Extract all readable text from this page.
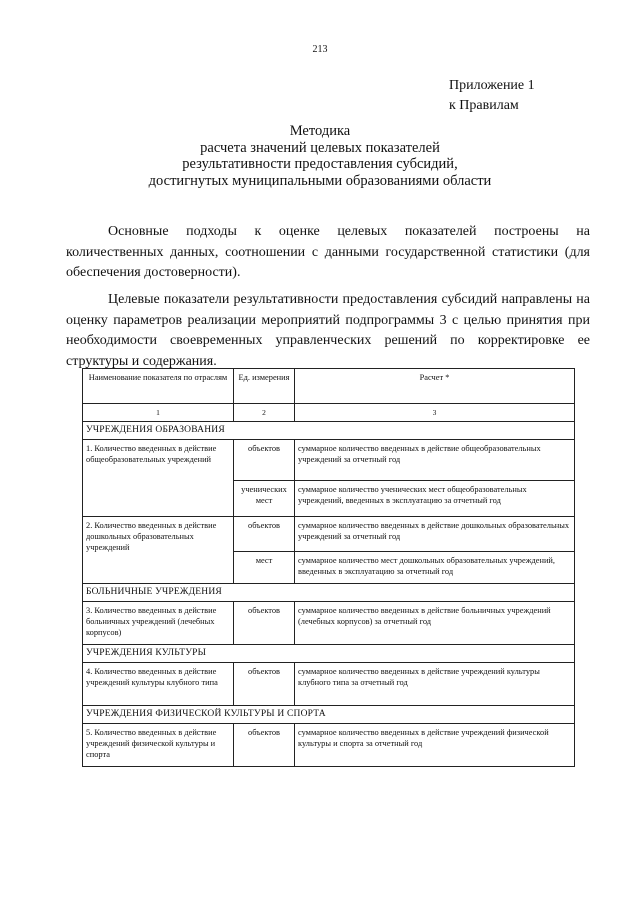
213
Приложение 1
к Правилам
Методика
расчета значений целевых показателей
результативности предоставления субсидий,
достигнутых муниципальными образованиями области

Основные подходы к оценке целевых показателей построены на количественных данных, соотношении с данными государственной статистики (для обеспечения достоверности).

Целевые показатели результативности предоставления субсидий направлены на оценку параметров реализации мероприятий подпрограммы 3 с целью принятия при необходимости своевременных управленческих решений по корректировке ее структуры и содержания.

Наименование показателя по отраслям	Ед. измерения	Расчет *
1	2	3
УЧРЕЖДЕНИЯ ОБРАЗОВАНИЯ		
1. Количество введенных в действие общеобразовательных учреждений	объектов	суммарное количество введенных в действие общеобразовательных учреждений за отчетный год
	ученических мест	суммарное количество ученических мест общеобразовательных учреждений, введенных в эксплуатацию за отчетный год
2. Количество введенных в действие дошкольных образовательных учреждений	объектов	суммарное количество введенных в действие дошкольных образовательных учреждений за отчетный год
	мест	суммарное количество мест дошкольных образовательных учреждений, введенных в эксплуатацию за отчетный год
БОЛЬНИЧНЫЕ УЧРЕЖДЕНИЯ		
3. Количество введенных в действие больничных учреждений (лечебных корпусов)	объектов	суммарное количество введенных в действие больничных учреждений (лечебных корпусов) за отчетный год
УЧРЕЖДЕНИЯ КУЛЬТУРЫ		
4. Количество введенных в действие учреждений культуры клубного типа	объектов	суммарное количество введенных в действие учреждений культуры клубного типа за отчетный год
УЧРЕЖДЕНИЯ ФИЗИЧЕСКОЙ КУЛЬТУРЫ И СПОРТА		
5. Количество введенных в действие учреждений физической культуры и спорта	объектов	суммарное количество введенных в действие учреждений физической культуры и спорта за отчетный год
